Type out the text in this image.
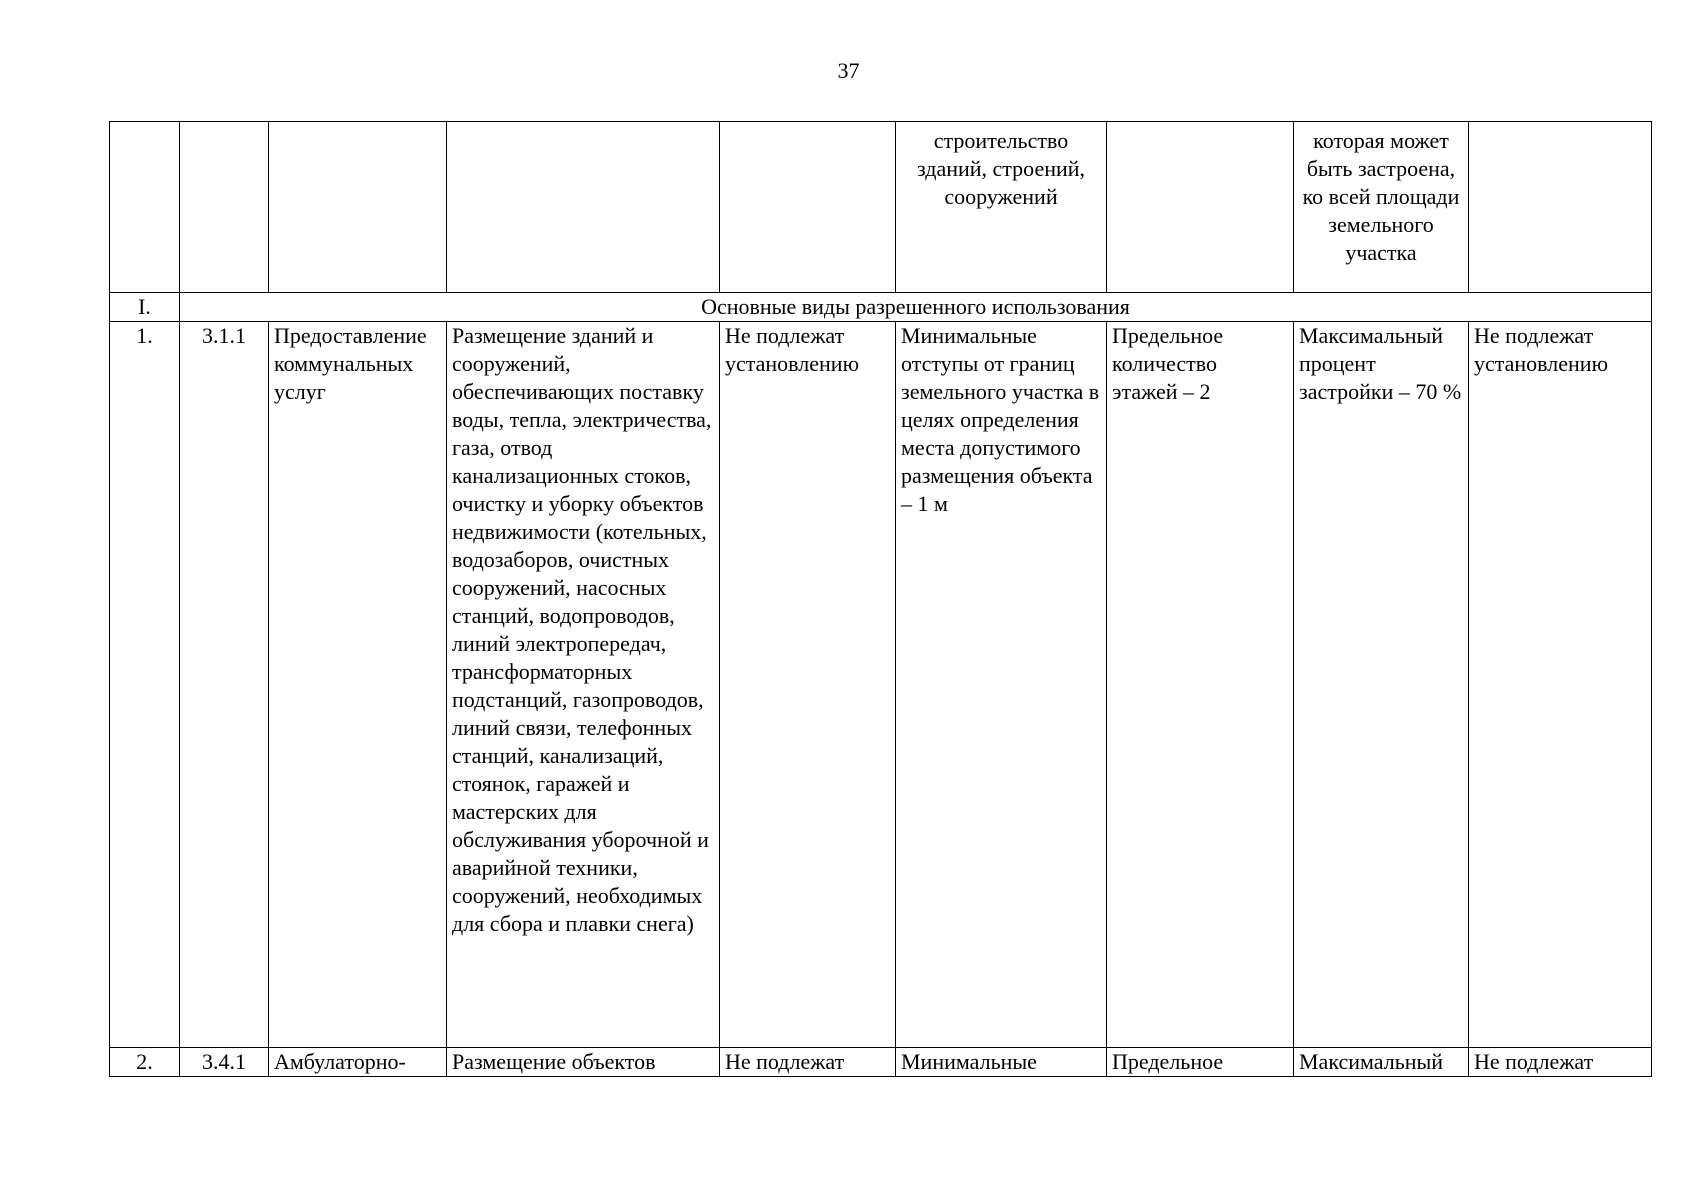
37
					строительство зданий, строений, сооружений		которая может быть застроена, ко всей площади земельного участка	
I.	Основные виды разрешенного использования							
1.	3.1.1	Предоставление коммунальных услуг	Размещение зданий и сооружений, обеспечивающих поставку воды, тепла, электричества, газа, отвод канализационных стоков, очистку и уборку объектов недвижимости (котельных, водозаборов, очистных сооружений, насосных станций, водопроводов, линий электропередач, трансформаторных подстанций, газопроводов, линий связи, телефонных станций, канализаций, стоянок, гаражей и мастерских для обслуживания уборочной и аварийной техники, сооружений, необходимых для сбора и плавки снега)	Не подлежат установлению	Минимальные отступы от границ земельного участка в целях определения места допустимого размещения объекта – 1 м	Предельное количество этажей – 2	Максимальный процент застройки – 70 %	Не подлежат установлению
2.	3.4.1	Амбулаторно-	Размещение объектов	Не подлежат	Минимальные	Предельное	Максимальный	Не подлежат
